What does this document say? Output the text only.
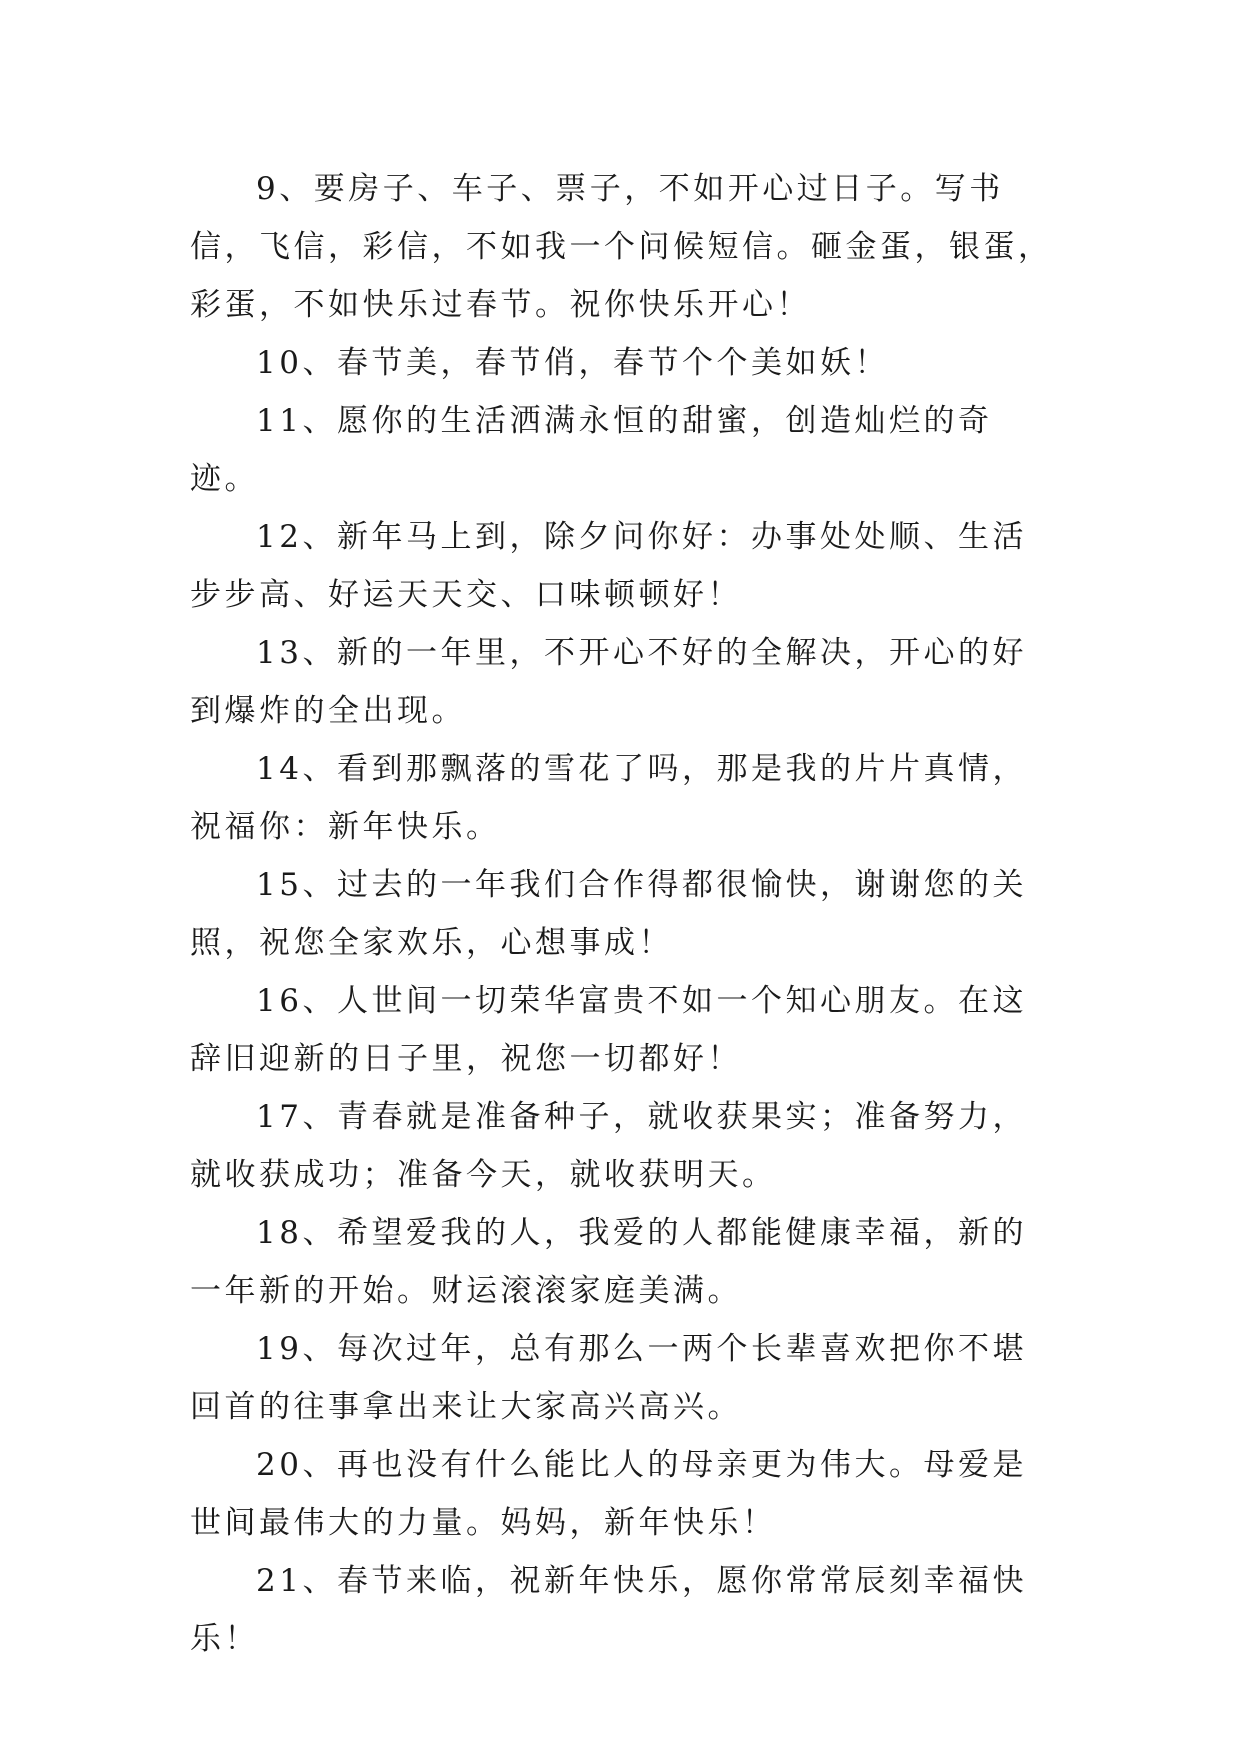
9、要房子、车子、票子，不如开心过日子。写书信，飞信，彩信，不如我一个问候短信。砸金蛋，银蛋，彩蛋，不如快乐过春节。祝你快乐开心！

10、春节美，春节俏，春节个个美如妖！

11、愿你的生活洒满永恒的甜蜜，创造灿烂的奇迹。

12、新年马上到，除夕问你好：办事处处顺、生活步步高、好运天天交、口味顿顿好！

13、新的一年里，不开心不好的全解决，开心的好到爆炸的全出现。

14、看到那飘落的雪花了吗，那是我的片片真情，祝福你：新年快乐。

15、过去的一年我们合作得都很愉快，谢谢您的关照，祝您全家欢乐，心想事成！

16、人世间一切荣华富贵不如一个知心朋友。在这辞旧迎新的日子里，祝您一切都好！

17、青春就是准备种子，就收获果实；准备努力，就收获成功；准备今天，就收获明天。

18、希望爱我的人，我爱的人都能健康幸福，新的一年新的开始。财运滚滚家庭美满。

19、每次过年，总有那么一两个长辈喜欢把你不堪回首的往事拿出来让大家高兴高兴。

20、再也没有什么能比人的母亲更为伟大。母爱是世间最伟大的力量。妈妈，新年快乐！

21、春节来临，祝新年快乐，愿你常常辰刻幸福快乐！
